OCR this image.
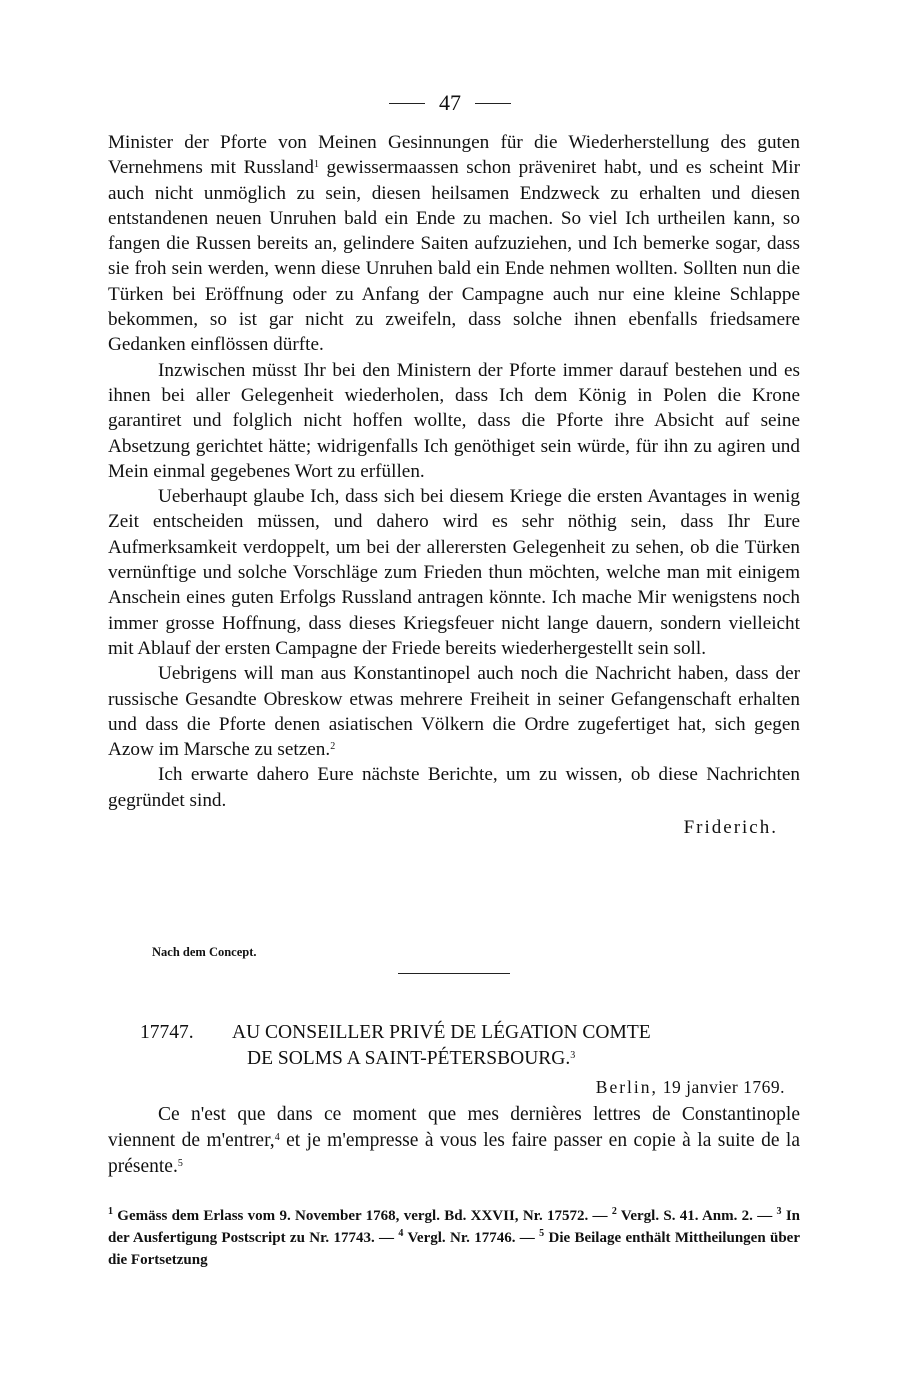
47

Minister der Pforte von Meinen Gesinnungen für die Wiederherstellung des guten Vernehmens mit Russland$^1$ gewissermaassen schon präveniret habt, und es scheint Mir auch nicht unmöglich zu sein, diesen heilsamen Endzweck zu erhalten und diesen entstandenen neuen Unruhen bald ein Ende zu machen. So viel Ich urtheilen kann, so fangen die Russen bereits an, gelindere Saiten aufzuziehen, und Ich bemerke sogar, dass sie froh sein werden, wenn diese Unruhen bald ein Ende nehmen wollten. Sollten nun die Türken bei Eröffnung oder zu Anfang der Campagne auch nur eine kleine Schlappe bekommen, so ist gar nicht zu zweifeln, dass solche ihnen ebenfalls friedsamere Gedanken einflössen dürfte.

Inzwischen müsst Ihr bei den Ministern der Pforte immer darauf bestehen und es ihnen bei aller Gelegenheit wiederholen, dass Ich dem König in Polen die Krone garantiret und folglich nicht hoffen wollte, dass die Pforte ihre Absicht auf seine Absetzung gerichtet hätte; widrigenfalls Ich genöthiget sein würde, für ihn zu agiren und Mein einmal gegebenes Wort zu erfüllen.

Ueberhaupt glaube Ich, dass sich bei diesem Kriege die ersten Avantages in wenig Zeit entscheiden müssen, und dahero wird es sehr nöthig sein, dass Ihr Eure Aufmerksamkeit verdoppelt, um bei der allerersten Gelegenheit zu sehen, ob die Türken vernünftige und solche Vorschläge zum Frieden thun möchten, welche man mit einigem Anschein eines guten Erfolgs Russland antragen könnte. Ich mache Mir wenigstens noch immer grosse Hoffnung, dass dieses Kriegsfeuer nicht lange dauern, sondern vielleicht mit Ablauf der ersten Campagne der Friede bereits wiederhergestellt sein soll.

Uebrigens will man aus Konstantinopel auch noch die Nachricht haben, dass der russische Gesandte Obreskow etwas mehrere Freiheit in seiner Gefangenschaft erhalten und dass die Pforte denen asiatischen Völkern die Ordre zugefertiget hat, sich gegen Azow im Marsche zu setzen.$^2$

Ich erwarte dahero Eure nächste Berichte, um zu wissen, ob diese Nachrichten gegründet sind.

Friderich.
Nach dem Concept.
17747. AU CONSEILLER PRIVÉ DE LÉGATION COMTE
DE SOLMS A SAINT-PÉTERSBOURG.$^3$
Berlin, 19 janvier 1769.

Ce n'est que dans ce moment que mes dernières lettres de Constantinople viennent de m'entrer,$^4$ et je m'empresse à vous les faire passer en copie à la suite de la présente.$^5$

$^1$ Gemäss dem Erlass vom 9. November 1768, vergl. Bd. XXVII, Nr. 17572. — $^2$ Vergl. S. 41. Anm. 2. — $^3$ In der Ausfertigung Postscript zu Nr. 17743. — $^4$ Vergl. Nr. 17746. — $^5$ Die Beilage enthält Mittheilungen über die Fortsetzung
